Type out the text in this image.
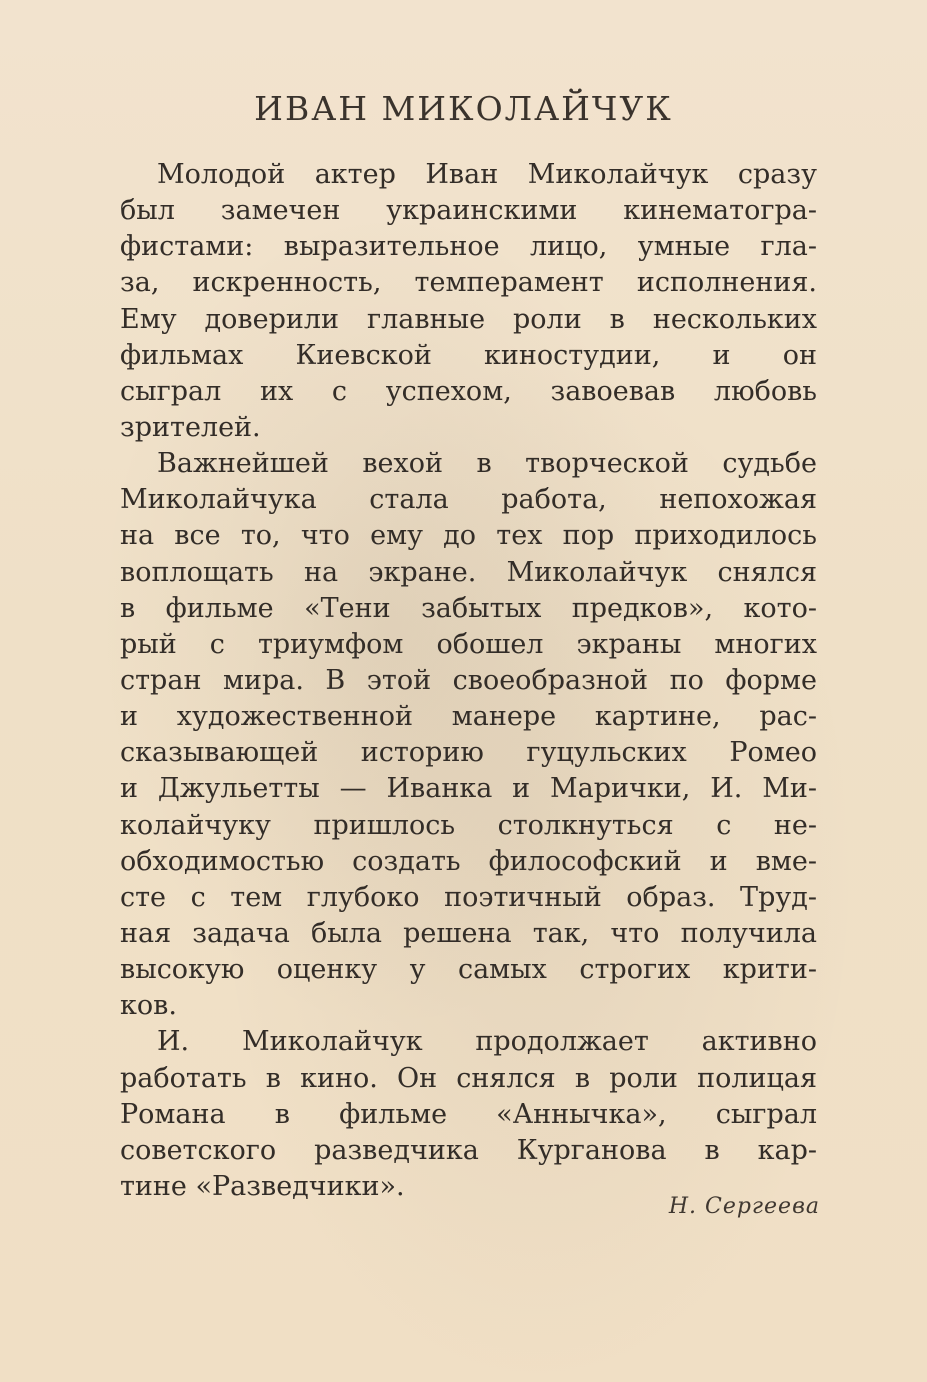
ИВАН МИКОЛАЙЧУК
Молодой актер Иван Миколайчук сразу
был замечен украинскими кинематогра-
фистами: выразительное лицо, умные гла-
за, искренность, темперамент исполнения.
Ему доверили главные роли в нескольких
фильмах Киевской киностудии, и он
сыграл их с успехом, завоевав любовь
зрителей.
Важнейшей вехой в творческой судьбе
Миколайчука стала работа, непохожая
на все то, что ему до тех пор приходилось
воплощать на экране. Миколайчук снялся
в фильме «Тени забытых предков», кото-
рый с триумфом обошел экраны многих
стран мира. В этой своеобразной по форме
и художественной манере картине, рас-
сказывающей историю гуцульских Ромео
и Джульетты — Иванка и Марички, И. Ми-
колайчуку пришлось столкнуться с не-
обходимостью создать философский и вме-
сте с тем глубоко поэтичный образ. Труд-
ная задача была решена так, что получила
высокую оценку у самых строгих крити-
ков.
И. Миколайчук продолжает активно
работать в кино. Он снялся в роли полицая
Романа в фильме «Аннычка», сыграл
советского разведчика Курганова в кар-
тине «Разведчики».
Н. Сергеева
